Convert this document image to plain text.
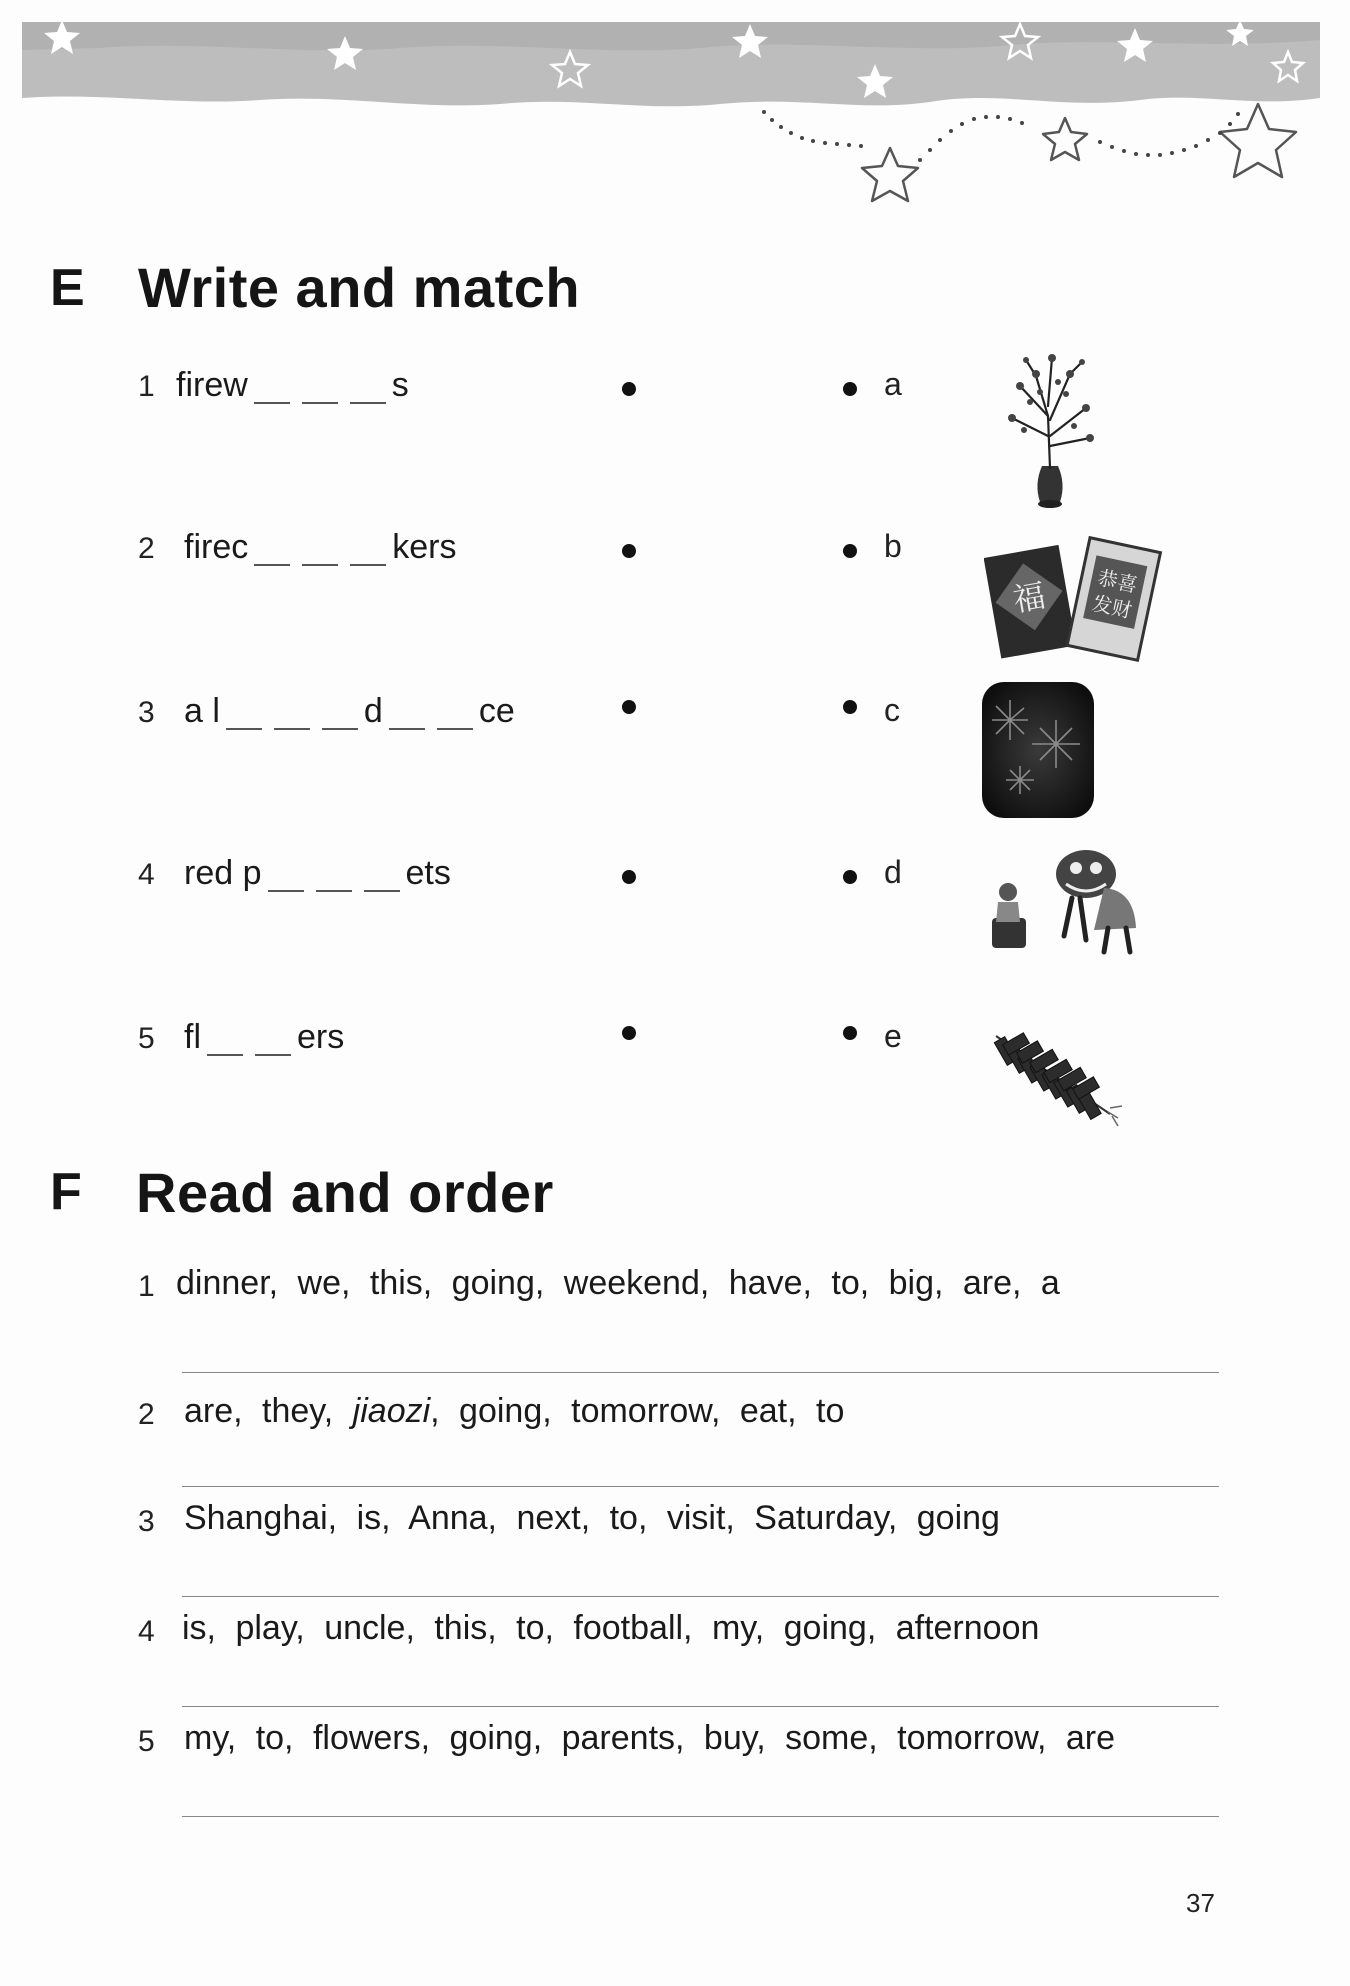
E Write and match
1 firew	s	a
2 firec	kers	b
3 a l	d	ce	c
4 red p	ets	d
5 fl	ers	e
福 恭喜
发财
F Read and order
1 dinner, we, this, going, weekend, have, to, big, are, a
2 are, they, jiaozi, going, tomorrow, eat, to
3 Shanghai, is, Anna, next, to, visit, Saturday, going
4 is, play, uncle, this, to, football, my, going, afternoon
5 my, to, flowers, going, parents, buy, some, tomorrow, are
37
